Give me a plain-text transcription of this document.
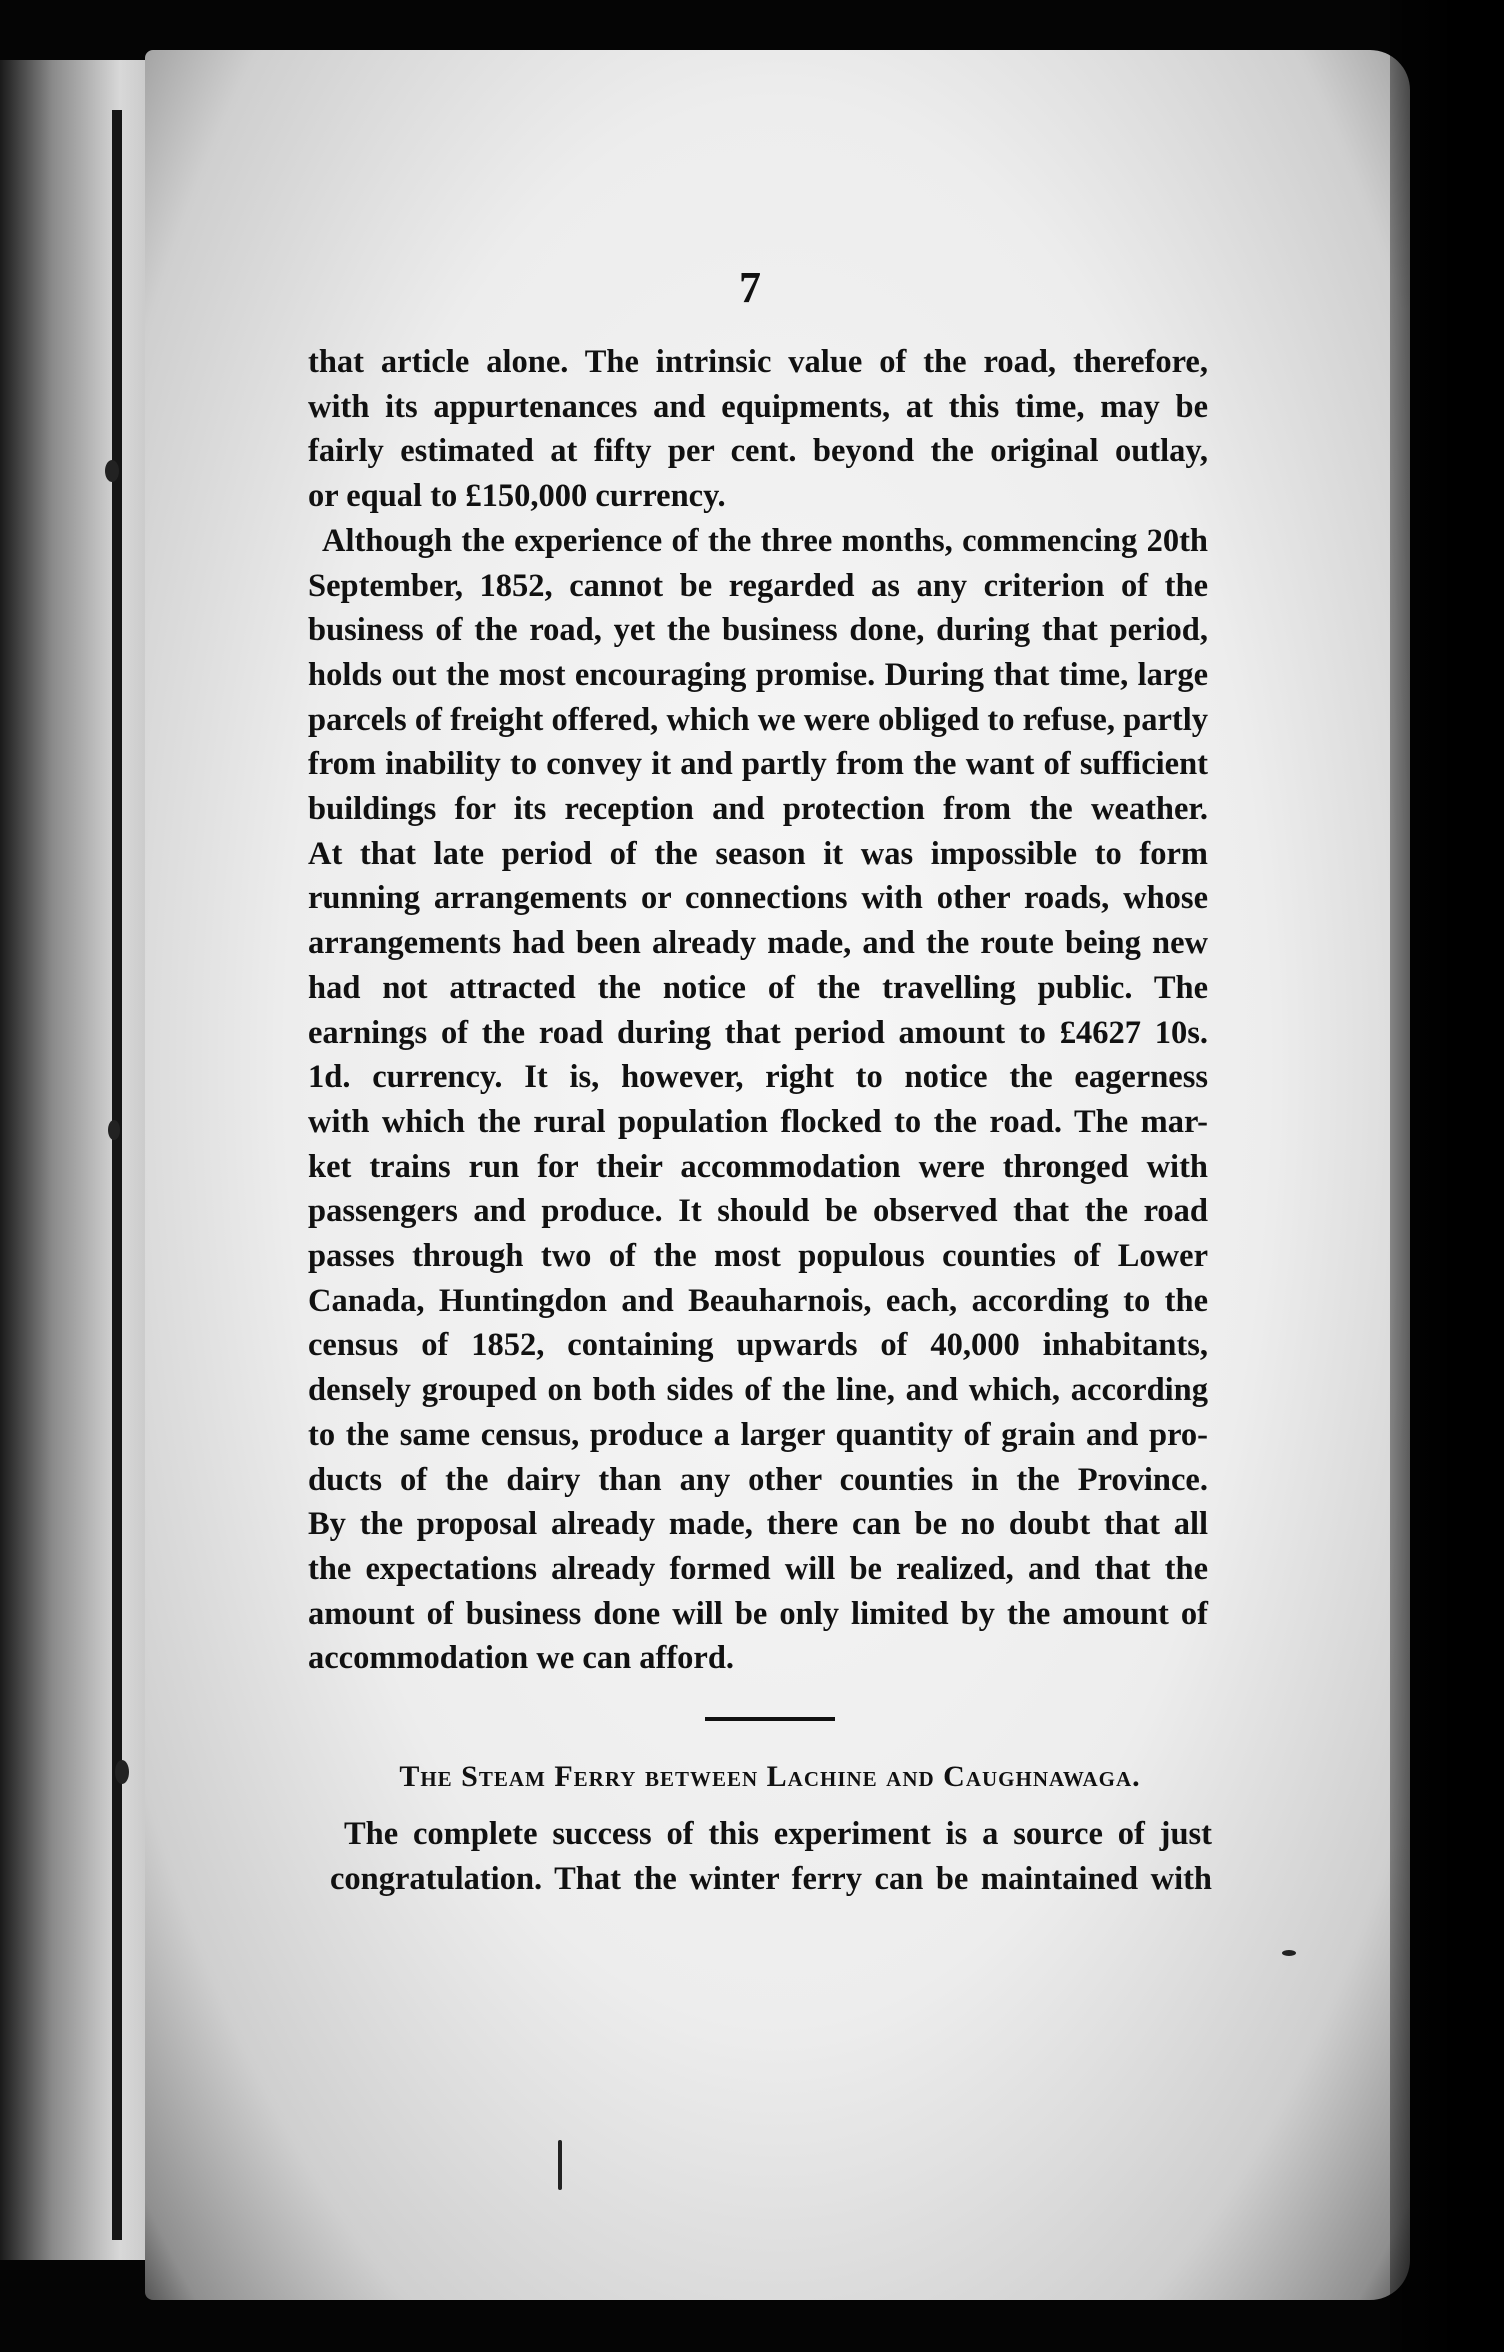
7

that article alone. The intrinsic value of the road, therefore,
with its appurtenances and equipments, at this time, may be
fairly estimated at fifty per cent. beyond the original outlay,
or equal to £150,000 currency.

Although the experience of the three months, commencing 20th
September, 1852, cannot be regarded as any criterion of the
business of the road, yet the business done, during that period,
holds out the most encouraging promise. During that time, large
parcels of freight offered, which we were obliged to refuse, partly
from inability to convey it and partly from the want of sufficient
buildings for its reception and protection from the weather.
At that late period of the season it was impossible to form
running arrangements or connections with other roads, whose
arrangements had been already made, and the route being new
had not attracted the notice of the travelling public. The
earnings of the road during that period amount to £4627 10s.
1d. currency. It is, however, right to notice the eagerness
with which the rural population flocked to the road. The mar-
ket trains run for their accommodation were thronged with
passengers and produce. It should be observed that the road
passes through two of the most populous counties of Lower
Canada, Huntingdon and Beauharnois, each, according to the
census of 1852, containing upwards of 40,000 inhabitants,
densely grouped on both sides of the line, and which, according
to the same census, produce a larger quantity of grain and pro-
ducts of the dairy than any other counties in the Province.
By the proposal already made, there can be no doubt that all
the expectations already formed will be realized, and that the
amount of business done will be only limited by the amount of
accommodation we can afford.

The Steam Ferry between Lachine and Caughnawaga.

The complete success of this experiment is a source of just
congratulation. That the winter ferry can be maintained with
